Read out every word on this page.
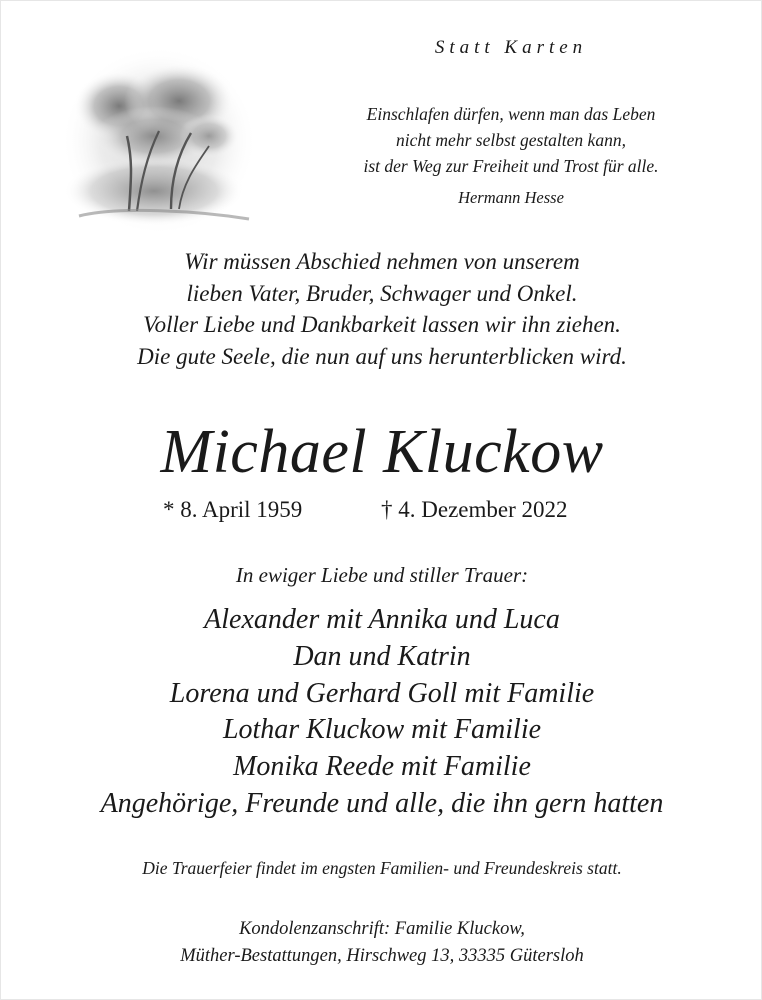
Statt Karten
Einschlafen dürfen, wenn man das Leben
nicht mehr selbst gestalten kann,
ist der Weg zur Freiheit und Trost für alle.
Hermann Hesse
Wir müssen Abschied nehmen von unserem
lieben Vater, Bruder, Schwager und Onkel.
Voller Liebe und Dankbarkeit lassen wir ihn ziehen.
Die gute Seele, die nun auf uns herunterblicken wird.
Michael Kluckow
* 8. April 1959	† 4. Dezember 2022
In ewiger Liebe und stiller Trauer:
Alexander mit Annika und Luca
Dan und Katrin
Lorena und Gerhard Goll mit Familie
Lothar Kluckow mit Familie
Monika Reede mit Familie
Angehörige, Freunde und alle, die ihn gern hatten
Die Trauerfeier findet im engsten Familien- und Freundeskreis statt.
Kondolenzanschrift: Familie Kluckow,
Müther-Bestattungen, Hirschweg 13, 33335 Gütersloh
